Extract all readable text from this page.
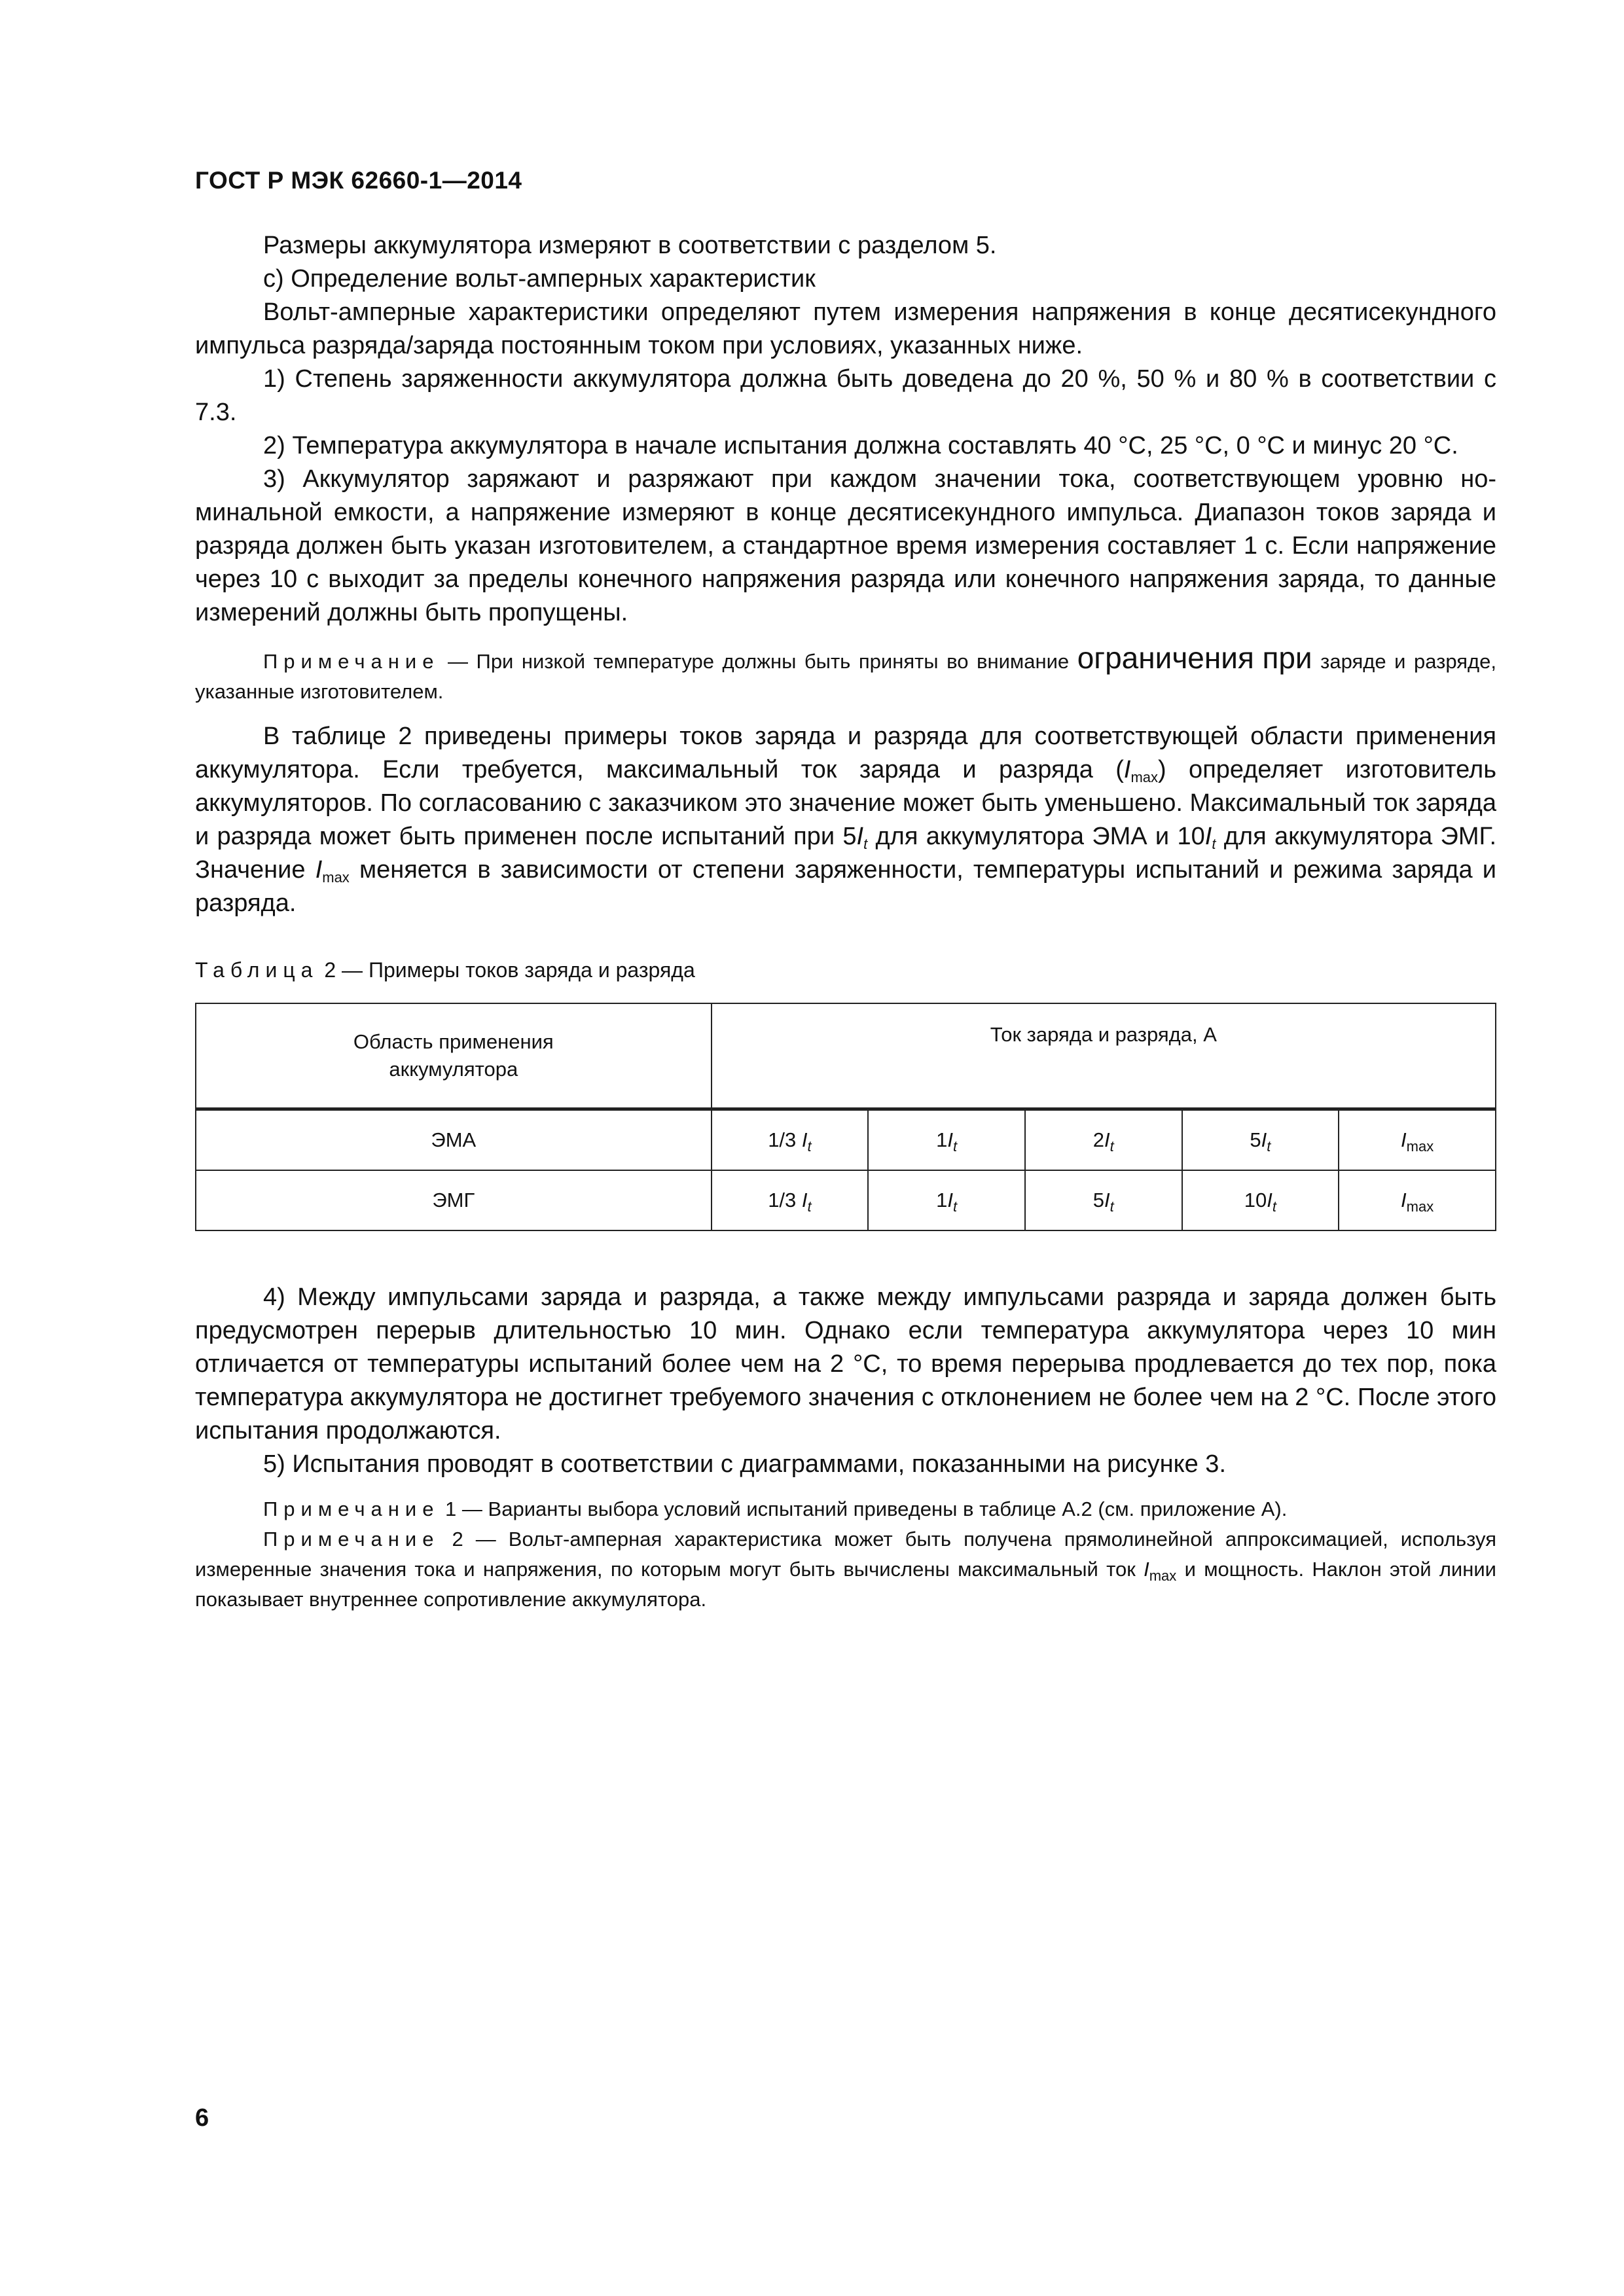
ГОСТ Р МЭК 62660-1—2014

Размеры аккумулятора измеряют в соответствии с разделом 5.

с) Определение вольт-амперных характеристик

Вольт-амперные характеристики определяют путем измерения напряжения в конце десятисекундного импульса разряда/заряда постоянным током при условиях, указанных ниже.

1) Степень заряженности аккумулятора должна быть доведена до 20 %, 50 % и 80 % в соответствии с 7.3.

2) Температура аккумулятора в начале испытания должна составлять 40 °С, 25 °С, 0 °С и минус 20 °С.

3) Аккумулятор заряжают и разряжают при каждом значении тока, соответствующем уровню номинальной емкости, а напряжение измеряют в конце десятисекундного импульса. Диапазон токов заряда и разряда должен быть указан изготовителем, а стандартное время измерения составляет 1 с. Если напряжение через 10 с выходит за пределы конечного напряжения разряда или конечного напряжения заряда, то данные измерений должны быть пропущены.

Примечание — При низкой температуре должны быть приняты во внимание ограничения при заряде и разряде, указанные изготовителем.

В таблице 2 приведены примеры токов заряда и разряда для соответствующей области применения аккумулятора. Если требуется, максимальный ток заряда и разряда $(I_{max})$ определяет изготовитель аккумуляторов. По согласованию с заказчиком это значение может быть уменьшено. Максимальный ток заряда и разряда может быть применен после испытаний при $5I_t$ для аккумулятора ЭМА и $10I_t$ для аккумулятора ЭМГ. Значение $I_{max}$ меняется в зависимости от степени заряженности, температуры испытаний и режима заряда и разряда.

Таблица 2 — Примеры токов заряда и разряда

Область применения аккумулятора	Ток заряда и разряда, А				

ЭМА	1/3 $I_t$	$1I_t$	$2I_t$	$5I_t$	$I_{max}$
ЭМГ	1/3 $I_t$	$1I_t$	$5I_t$	$10I_t$	$I_{max}$

4) Между импульсами заряда и разряда, а также между импульсами разряда и заряда должен быть предусмотрен перерыв длительностью 10 мин. Однако если температура аккумулятора через 10 мин отличается от температуры испытаний более чем на 2 °С, то время перерыва продлевается до тех пор, пока температура аккумулятора не достигнет требуемого значения с отклонением не более чем на 2 °С. После этого испытания продолжаются.

5) Испытания проводят в соответствии с диаграммами, показанными на рисунке 3.

Примечание 1 — Варианты выбора условий испытаний приведены в таблице А.2 (см. приложение А).

Примечание 2 — Вольт-амперная характеристика может быть получена прямолинейной аппроксимацией, используя измеренные значения тока и напряжения, по которым могут быть вычислены максимальный ток $I_{max}$ и мощность. Наклон этой линии показывает внутреннее сопротивление аккумулятора.

6
